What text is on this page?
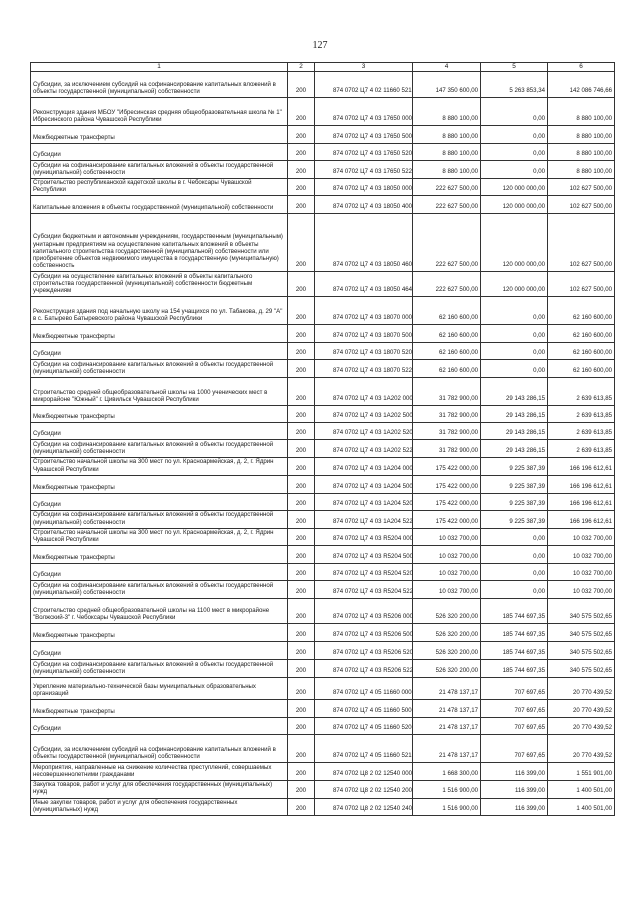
127
1	2	3	4	5	6
Субсидии, за исключением субсидий на софинансирование капитальных вложений в объекты государственной (муниципальной) собственности	200	874 0702 Ц7 4 02 11660 521	147 350 600,00	5 263 853,34	142 086 746,66
Реконструкция здания МБОУ "Ибресинская средняя общеобразовательная школа № 1" Ибресинского района Чувашской Республики	200	874 0702 Ц7 4 03 17650 000	8 880 100,00	0,00	8 880 100,00
Межбюджетные трансферты	200	874 0702 Ц7 4 03 17650 500	8 880 100,00	0,00	8 880 100,00
Субсидии	200	874 0702 Ц7 4 03 17650 520	8 880 100,00	0,00	8 880 100,00
Субсидии на софинансирование капитальных вложений в объекты государственной (муниципальной) собственности	200	874 0702 Ц7 4 03 17650 522	8 880 100,00	0,00	8 880 100,00
Строительство республиканской кадетской школы в г. Чебоксары Чувашской Республики	200	874 0702 Ц7 4 03 18050 000	222 627 500,00	120 000 000,00	102 627 500,00
Капитальные вложения в объекты государственной (муниципальной) собственности	200	874 0702 Ц7 4 03 18050 400	222 627 500,00	120 000 000,00	102 627 500,00
Субсидии бюджетным и автономным учреждениям, государственным (муниципальным) унитарным предприятиям на осуществление капитальных вложений в объекты капитального строительства государственной (муниципальной) собственности или приобретение объектов недвижимого имущества в государственную (муниципальную) собственность	200	874 0702 Ц7 4 03 18050 460	222 627 500,00	120 000 000,00	102 627 500,00
Субсидии на осуществление капитальных вложений в объекты капитального строительства государственной (муниципальной) собственности бюджетным учреждениям	200	874 0702 Ц7 4 03 18050 464	222 627 500,00	120 000 000,00	102 627 500,00
Реконструкция здания под начальную школу на 154 учащихся по ул. Табакова, д. 29 "А" в с. Батырево Батыревского района Чувашской Республики	200	874 0702 Ц7 4 03 18070 000	62 160 600,00	0,00	62 160 600,00
Межбюджетные трансферты	200	874 0702 Ц7 4 03 18070 500	62 160 600,00	0,00	62 160 600,00
Субсидии	200	874 0702 Ц7 4 03 18070 520	62 160 600,00	0,00	62 160 600,00
Субсидии на софинансирование капитальных вложений в объекты государственной (муниципальной) собственности	200	874 0702 Ц7 4 03 18070 522	62 160 600,00	0,00	62 160 600,00
Строительство средней общеобразовательной школы на 1000 ученических мест в микрорайоне "Южный" г. Цивильск Чувашской Республики	200	874 0702 Ц7 4 03 1А202 000	31 782 900,00	29 143 286,15	2 639 613,85
Межбюджетные трансферты	200	874 0702 Ц7 4 03 1А202 500	31 782 900,00	29 143 286,15	2 639 613,85
Субсидии	200	874 0702 Ц7 4 03 1А202 520	31 782 900,00	29 143 286,15	2 639 613,85
Субсидии на софинансирование капитальных вложений в объекты государственной (муниципальной) собственности	200	874 0702 Ц7 4 03 1А202 522	31 782 900,00	29 143 286,15	2 639 613,85
Строительство начальной школы на 300 мест по ул. Красноармейская, д. 2, г. Ядрин Чувашской Республики	200	874 0702 Ц7 4 03 1А204 000	175 422 000,00	9 225 387,39	166 196 612,61
Межбюджетные трансферты	200	874 0702 Ц7 4 03 1А204 500	175 422 000,00	9 225 387,39	166 196 612,61
Субсидии	200	874 0702 Ц7 4 03 1А204 520	175 422 000,00	9 225 387,39	166 196 612,61
Субсидии на софинансирование капитальных вложений в объекты государственной (муниципальной) собственности	200	874 0702 Ц7 4 03 1А204 522	175 422 000,00	9 225 387,39	166 196 612,61
Строительство начальной школы на 300 мест по ул. Красноармейская, д. 2, г. Ядрин Чувашской Республики	200	874 0702 Ц7 4 03 R5204 000	10 032 700,00	0,00	10 032 700,00
Межбюджетные трансферты	200	874 0702 Ц7 4 03 R5204 500	10 032 700,00	0,00	10 032 700,00
Субсидии	200	874 0702 Ц7 4 03 R5204 520	10 032 700,00	0,00	10 032 700,00
Субсидии на софинансирование капитальных вложений в объекты государственной (муниципальной) собственности	200	874 0702 Ц7 4 03 R5204 522	10 032 700,00	0,00	10 032 700,00
Строительство средней общеобразовательной школы на 1100 мест в микрорайоне "Волжский-3" г. Чебоксары Чувашской Республики	200	874 0702 Ц7 4 03 R5206 000	526 320 200,00	185 744 697,35	340 575 502,65
Межбюджетные трансферты	200	874 0702 Ц7 4 03 R5206 500	526 320 200,00	185 744 697,35	340 575 502,65
Субсидии	200	874 0702 Ц7 4 03 R5206 520	526 320 200,00	185 744 697,35	340 575 502,65
Субсидии на софинансирование капитальных вложений в объекты государственной (муниципальной) собственности	200	874 0702 Ц7 4 03 R5206 522	526 320 200,00	185 744 697,35	340 575 502,65
Укрепление материально-технической базы муниципальных образовательных организаций	200	874 0702 Ц7 4 05 11660 000	21 478 137,17	707 697,65	20 770 439,52
Межбюджетные трансферты	200	874 0702 Ц7 4 05 11660 500	21 478 137,17	707 697,65	20 770 439,52
Субсидии	200	874 0702 Ц7 4 05 11660 520	21 478 137,17	707 697,65	20 770 439,52
Субсидии, за исключением субсидий на софинансирование капитальных вложений в объекты государственной (муниципальной) собственности	200	874 0702 Ц7 4 05 11660 521	21 478 137,17	707 697,65	20 770 439,52
Мероприятия, направленные на снижение количества преступлений, совершаемых несовершеннолетними гражданами	200	874 0702 Ц8 2 02 12540 000	1 668 300,00	116 399,00	1 551 901,00
Закупка товаров, работ и услуг для обеспечения государственных (муниципальных) нужд	200	874 0702 Ц8 2 02 12540 200	1 516 900,00	116 399,00	1 400 501,00
Иные закупки товаров, работ и услуг для обеспечения государственных (муниципальных) нужд	200	874 0702 Ц8 2 02 12540 240	1 516 900,00	116 399,00	1 400 501,00
